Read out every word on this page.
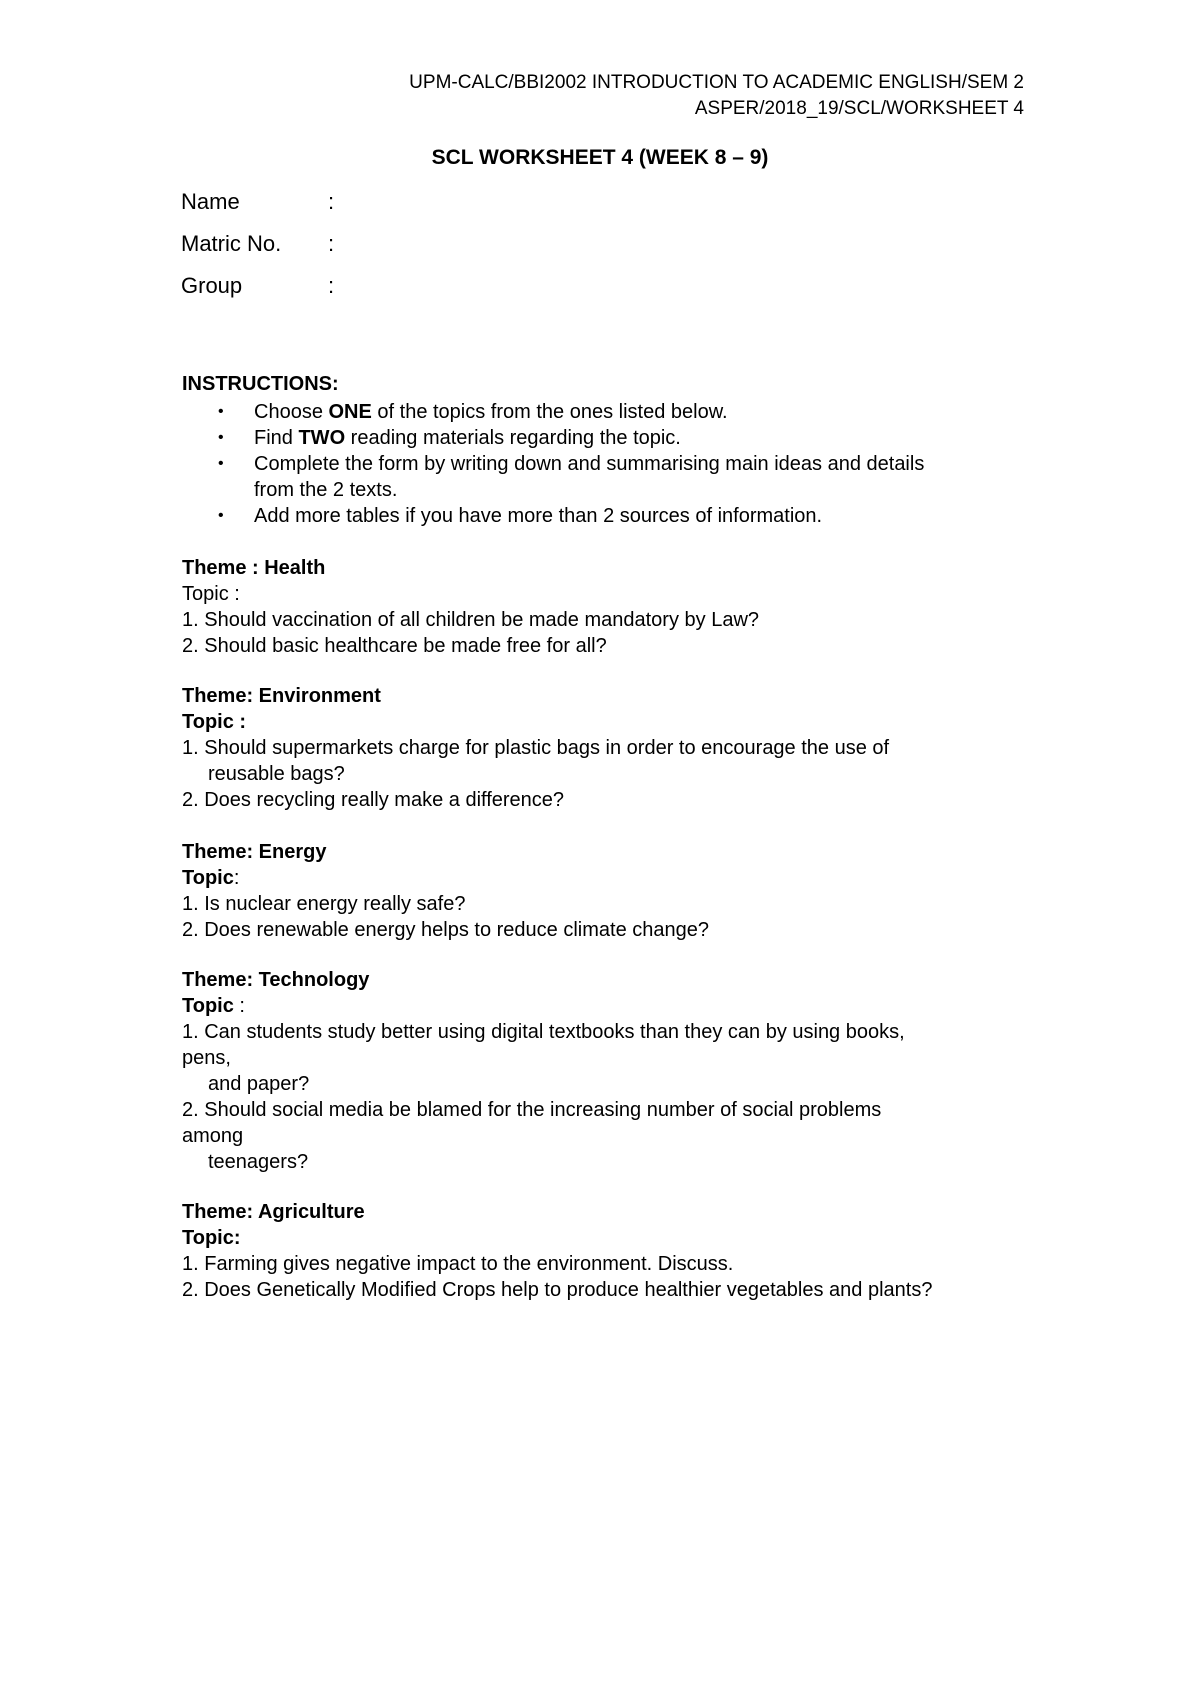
UPM-CALC/BBI2002 INTRODUCTION TO ACADEMIC ENGLISH/SEM 2
ASPER/2018_19/SCL/WORKSHEET 4
SCL WORKSHEET 4 (WEEK 8 – 9)
Name	:
Matric No. :
Group	:
INSTRUCTIONS:
• Choose ONE of the topics from the ones listed below.
• Find TWO reading materials regarding the topic.
• Complete the form by writing down and summarising main ideas and details
from the 2 texts.
• Add more tables if you have more than 2 sources of information.
Theme : Health
Topic :
1. Should vaccination of all children be made mandatory by Law?
2. Should basic healthcare be made free for all?
Theme: Environment
Topic :
1. Should supermarkets charge for plastic bags in order to encourage the use of
reusable bags?
2. Does recycling really make a difference?
Theme: Energy
Topic:
1. Is nuclear energy really safe?
2. Does renewable energy helps to reduce climate change?
Theme: Technology
Topic :
1. Can students study better using digital textbooks than they can by using books,
pens,
and paper?
2. Should social media be blamed for the increasing number of social problems
among
teenagers?
Theme: Agriculture
Topic:
1. Farming gives negative impact to the environment. Discuss.
2. Does Genetically Modified Crops help to produce healthier vegetables and plants?
